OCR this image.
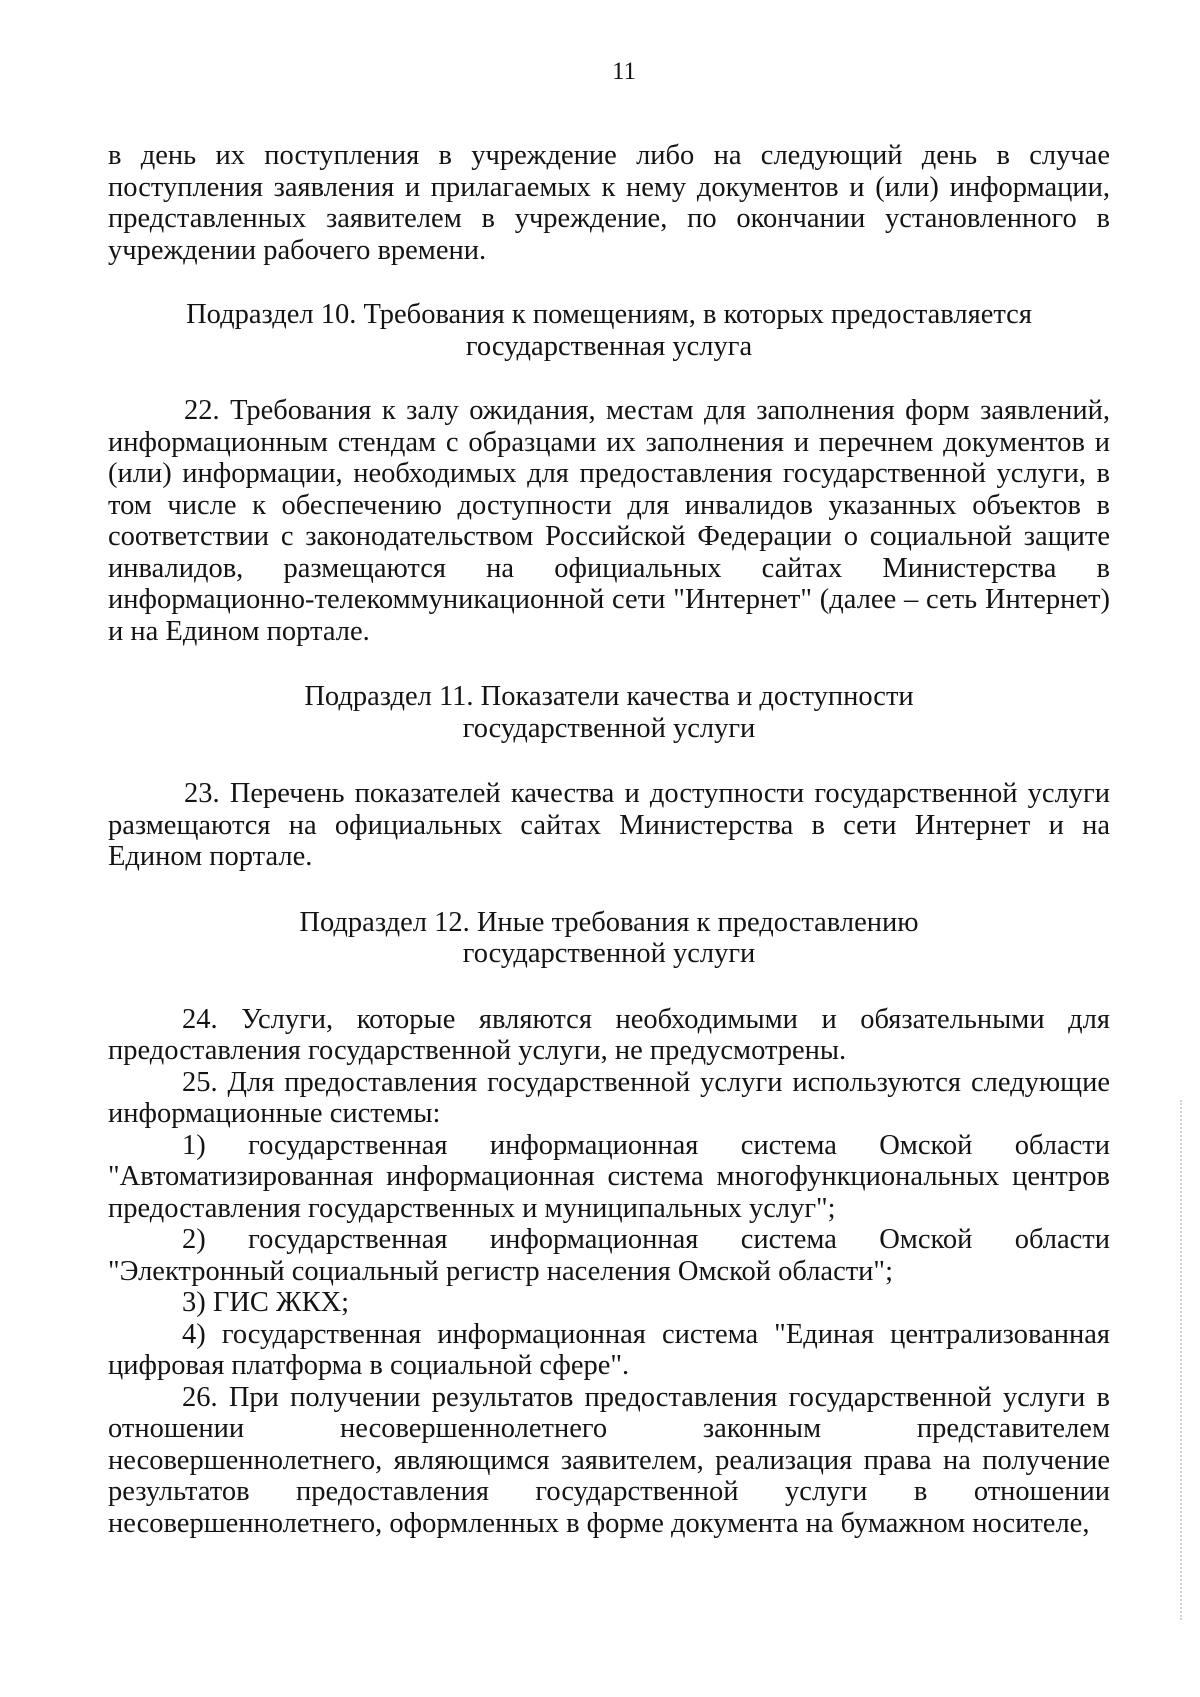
11

в день их поступления в учреждение либо на следующий день в случае поступления заявления и прилагаемых к нему документов и (или) информации, представленных заявителем в учреждение, по окончании установленного в учреждении рабочего времени.

Подраздел 10. Требования к помещениям, в которых предоставляется
государственная услуга

22. Требования к залу ожидания, местам для заполнения форм заявлений, информационным стендам с образцами их заполнения и перечнем документов и (или) информации, необходимых для предоставления государственной услуги, в том числе к обеспечению доступности для инвалидов указанных объектов в соответствии с законодательством Российской Федерации о социальной защите инвалидов, размещаются на официальных сайтах Министерства в информационно-телекоммуникационной сети "Интернет" (далее – сеть Интернет) и на Едином портале.

Подраздел 11. Показатели качества и доступности
государственной услуги

23. Перечень показателей качества и доступности государственной услуги размещаются на официальных сайтах Министерства в сети Интернет и на Едином портале.

Подраздел 12. Иные требования к предоставлению
государственной услуги

24. Услуги, которые являются необходимыми и обязательными для предоставления государственной услуги, не предусмотрены.

25. Для предоставления государственной услуги используются следующие информационные системы:

1) государственная информационная система Омской области "Автоматизированная информационная система многофункциональных центров предоставления государственных и муниципальных услуг";

2) государственная информационная система Омской области "Электронный социальный регистр населения Омской области";

3) ГИС ЖКХ;

4) государственная информационная система "Единая централизованная цифровая платформа в социальной сфере".

26. При получении результатов предоставления государственной услуги в отношении несовершеннолетнего законным представителем несовершеннолетнего, являющимся заявителем, реализация права на получение результатов предоставления государственной услуги в отношении несовершеннолетнего, оформленных в форме документа на бумажном носителе,
